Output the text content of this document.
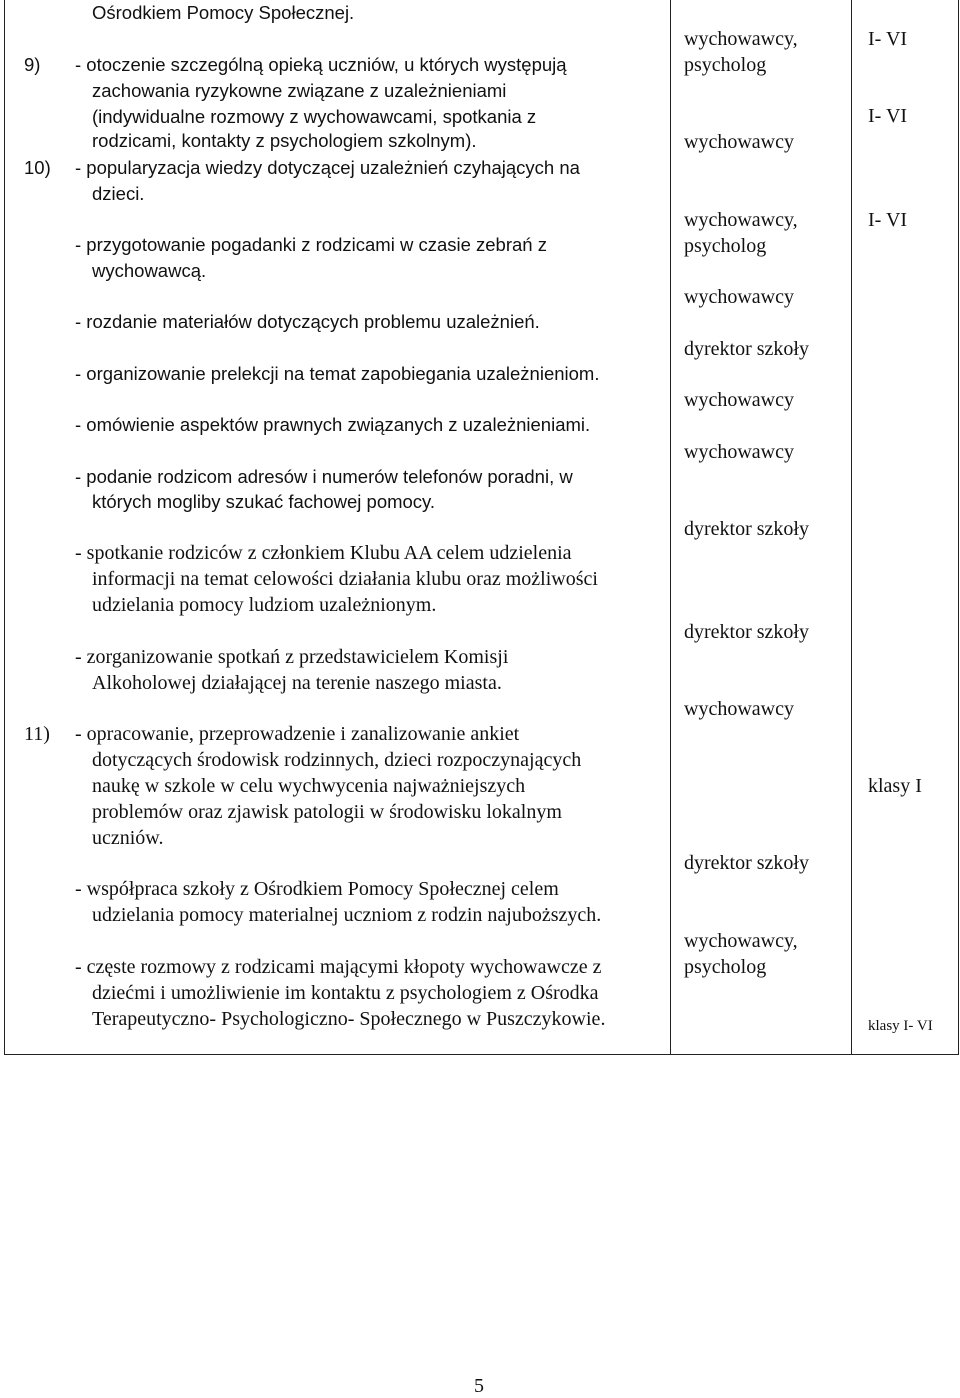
Ośrodkiem Pomocy Społecznej.
9) - otoczenie szczególną opieką uczniów, u których występują
zachowania ryzykowne związane z uzależnieniami
(indywidualne rozmowy z wychowawcami, spotkania z
rodzicami, kontakty z psychologiem szkolnym).
10) - popularyzacja wiedzy dotyczącej uzależnień czyhających na
dzieci.
- przygotowanie pogadanki z rodzicami w czasie zebrań z
wychowawcą.
- rozdanie materiałów dotyczących problemu uzależnień.
- organizowanie prelekcji na temat zapobiegania uzależnieniom.
- omówienie aspektów prawnych związanych z uzależnieniami.
- podanie rodzicom adresów i numerów telefonów poradni, w
których mogliby szukać fachowej pomocy.
- spotkanie rodziców z członkiem Klubu AA celem udzielenia
informacji na temat celowości działania klubu oraz możliwości
udzielania pomocy ludziom uzależnionym.
- zorganizowanie spotkań z przedstawicielem Komisji
Alkoholowej działającej na terenie naszego miasta.
11) - opracowanie, przeprowadzenie i zanalizowanie ankiet
dotyczących środowisk rodzinnych, dzieci rozpoczynających
naukę w szkole w celu wychwycenia najważniejszych
problemów oraz zjawisk patologii w środowisku lokalnym
uczniów.
- współpraca szkoły z Ośrodkiem Pomocy Społecznej celem
udzielania pomocy materialnej uczniom z rodzin najuboższych.
- częste rozmowy z rodzicami mającymi kłopoty wychowawcze z
dziećmi i umożliwienie im kontaktu z psychologiem z Ośrodka
Terapeutyczno- Psychologiczno- Społecznego w Puszczykowie.
wychowawcy,
psycholog
wychowawcy
wychowawcy,
psycholog
wychowawcy
dyrektor szkoły
wychowawcy
wychowawcy
dyrektor szkoły
dyrektor szkoły
wychowawcy
dyrektor szkoły
wychowawcy,
psycholog
I- VI
I- VI
I- VI
klasy I
klasy I- VI
5
